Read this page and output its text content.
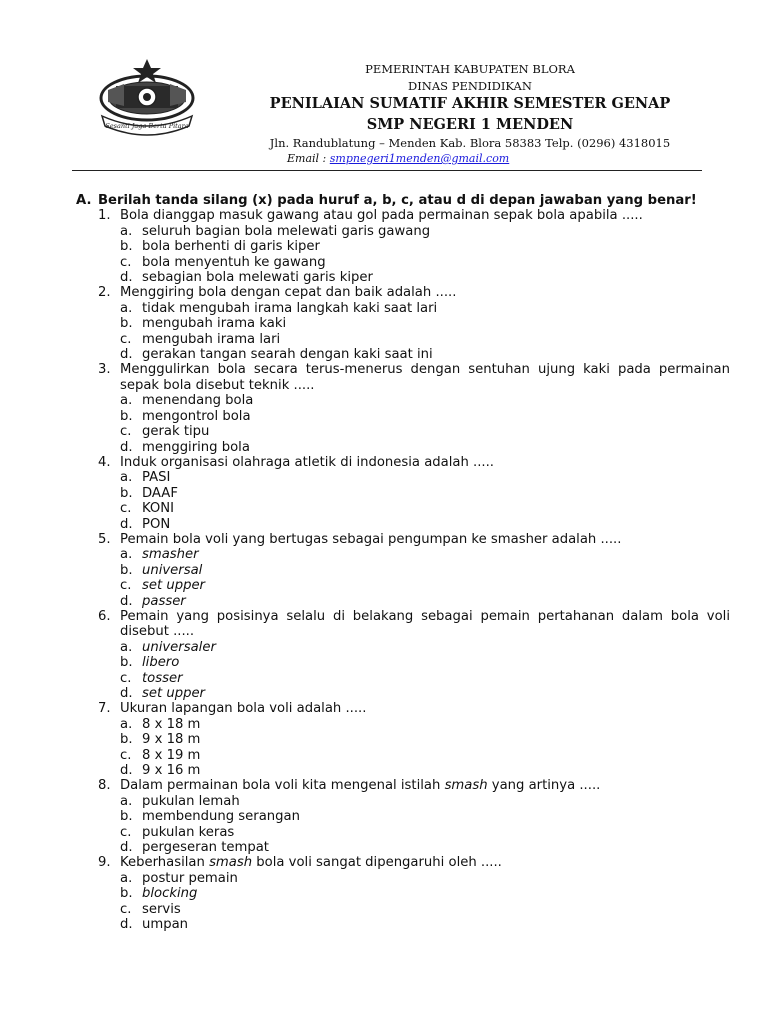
Sesanti Jaga Berta Pitara
PEMERINTAH KABUPATEN BLORA
DINAS PENDIDIKAN
PENILAIAN SUMATIF AKHIR SEMESTER GENAP
SMP NEGERI 1 MENDEN
Jln. Randublatung – Menden Kab. Blora 58383 Telp. (0296) 4318015
Email : smpnegeri1menden@gmail.com
A. Berilah tanda silang (x) pada huruf a, b, c, atau d di depan jawaban yang benar!
1. Bola dianggap masuk gawang atau gol pada permainan sepak bola apabila .....
a. seluruh bagian bola melewati garis gawang
b. bola berhenti di garis kiper
c. bola menyentuh ke gawang
d. sebagian bola melewati garis kiper
2. Menggiring bola dengan cepat dan baik adalah .....
a. tidak mengubah irama langkah kaki saat lari
b. mengubah irama kaki
c. mengubah irama lari
d. gerakan tangan searah dengan kaki saat ini
3. Menggulirkan bola secara terus-menerus dengan sentuhan ujung kaki pada permainan sepak bola disebut teknik .....
a. menendang bola
b. mengontrol bola
c. gerak tipu
d. menggiring bola
4. Induk organisasi olahraga atletik di indonesia adalah .....
a. PASI
b. DAAF
c. KONI
d. PON
5. Pemain bola voli yang bertugas sebagai pengumpan ke smasher adalah .....
a. smasher
b. universal
c. set upper
d. passer
6. Pemain yang posisinya selalu di belakang sebagai pemain pertahanan dalam bola voli disebut .....
a. universaler
b. libero
c. tosser
d. set upper
7. Ukuran lapangan bola voli adalah .....
a. 8 x 18 m
b. 9 x 18 m
c. 8 x 19 m
d. 9 x 16 m
8. Dalam permainan bola voli kita mengenal istilah smash yang artinya .....
a. pukulan lemah
b. membendung serangan
c. pukulan keras
d. pergeseran tempat
9. Keberhasilan smash bola voli sangat dipengaruhi oleh .....
a. postur pemain
b. blocking
c. servis
d. umpan
